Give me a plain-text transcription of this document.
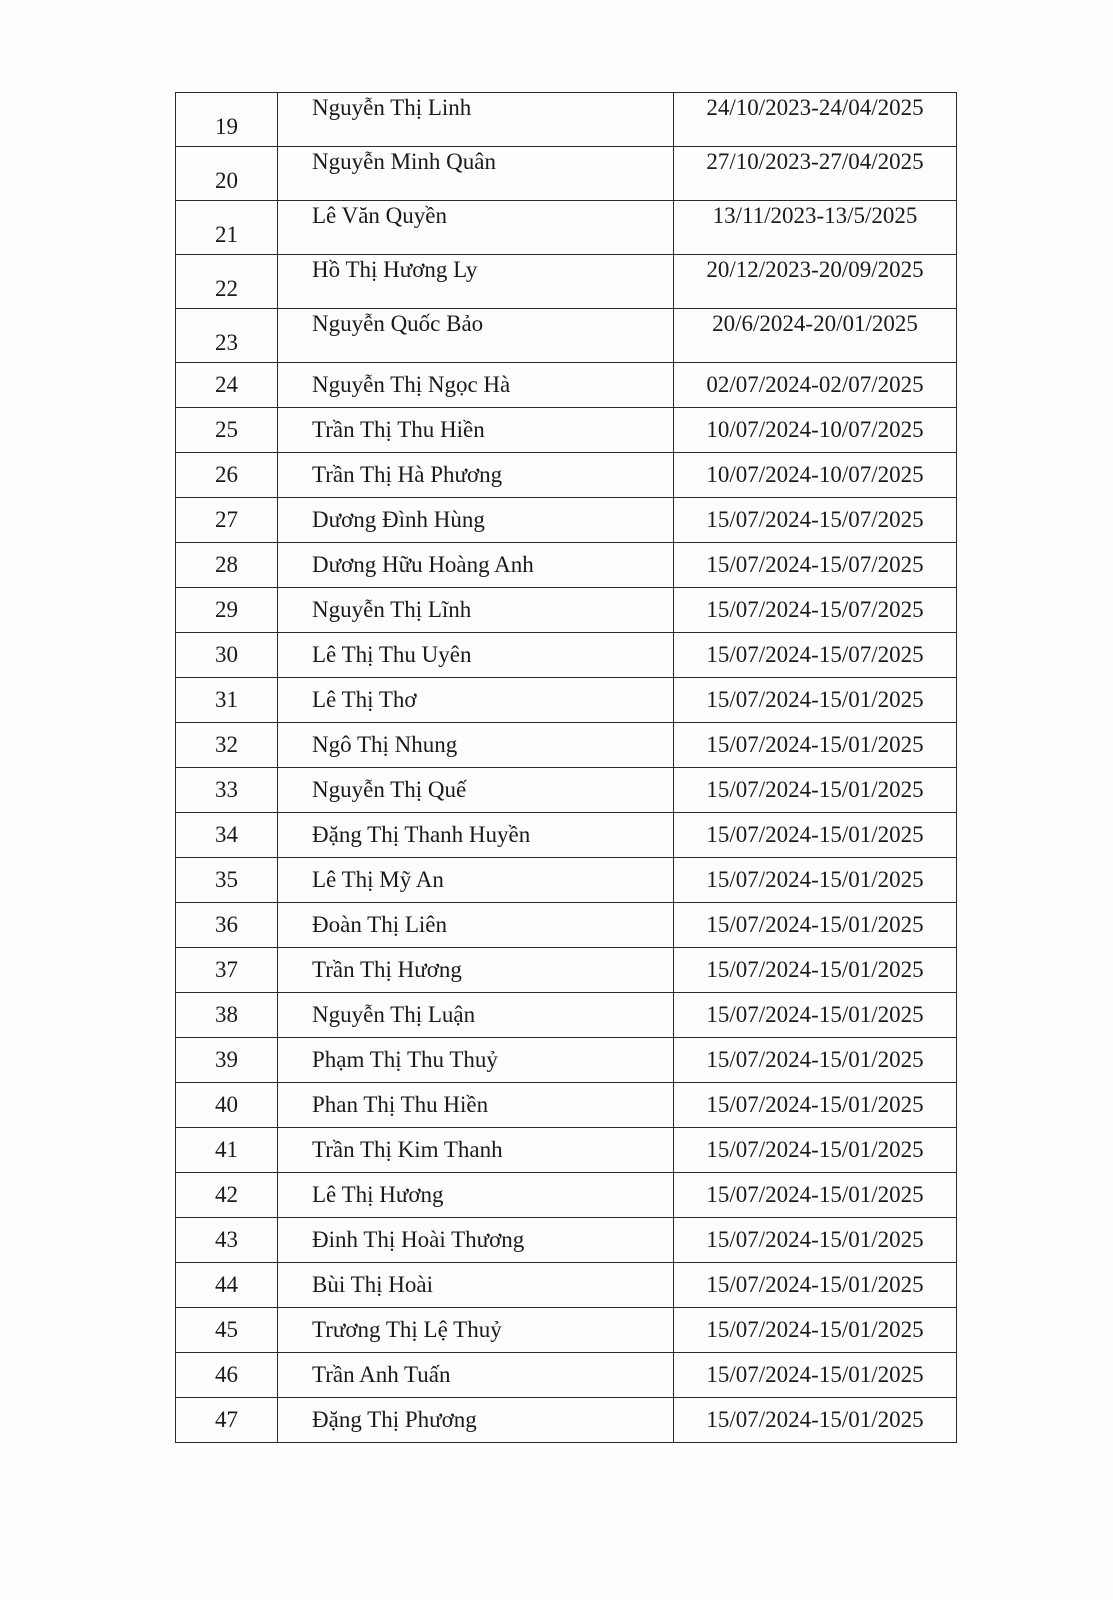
19	Nguyễn Thị Linh	24/10/2023-24/04/2025
20	Nguyễn Minh Quân	27/10/2023-27/04/2025
21	Lê Văn Quyền	13/11/2023-13/5/2025
22	Hồ Thị Hương Ly	20/12/2023-20/09/2025
23	Nguyễn Quốc Bảo	20/6/2024-20/01/2025
24	Nguyễn Thị Ngọc Hà	02/07/2024-02/07/2025
25	Trần Thị Thu Hiền	10/07/2024-10/07/2025
26	Trần Thị Hà Phương	10/07/2024-10/07/2025
27	Dương Đình Hùng	15/07/2024-15/07/2025
28	Dương Hữu Hoàng Anh	15/07/2024-15/07/2025
29	Nguyễn Thị Lĩnh	15/07/2024-15/07/2025
30	Lê Thị Thu Uyên	15/07/2024-15/07/2025
31	Lê Thị Thơ	15/07/2024-15/01/2025
32	Ngô Thị Nhung	15/07/2024-15/01/2025
33	Nguyễn Thị Quế	15/07/2024-15/01/2025
34	Đặng Thị Thanh Huyền	15/07/2024-15/01/2025
35	Lê Thị Mỹ An	15/07/2024-15/01/2025
36	Đoàn Thị Liên	15/07/2024-15/01/2025
37	Trần Thị Hương	15/07/2024-15/01/2025
38	Nguyễn Thị Luận	15/07/2024-15/01/2025
39	Phạm Thị Thu Thuỷ	15/07/2024-15/01/2025
40	Phan Thị Thu Hiền	15/07/2024-15/01/2025
41	Trần Thị Kim Thanh	15/07/2024-15/01/2025
42	Lê Thị Hương	15/07/2024-15/01/2025
43	Đinh Thị Hoài Thương	15/07/2024-15/01/2025
44	Bùi Thị Hoài	15/07/2024-15/01/2025
45	Trương Thị Lệ Thuỷ	15/07/2024-15/01/2025
46	Trần Anh Tuấn	15/07/2024-15/01/2025
47	Đặng Thị Phương	15/07/2024-15/01/2025
